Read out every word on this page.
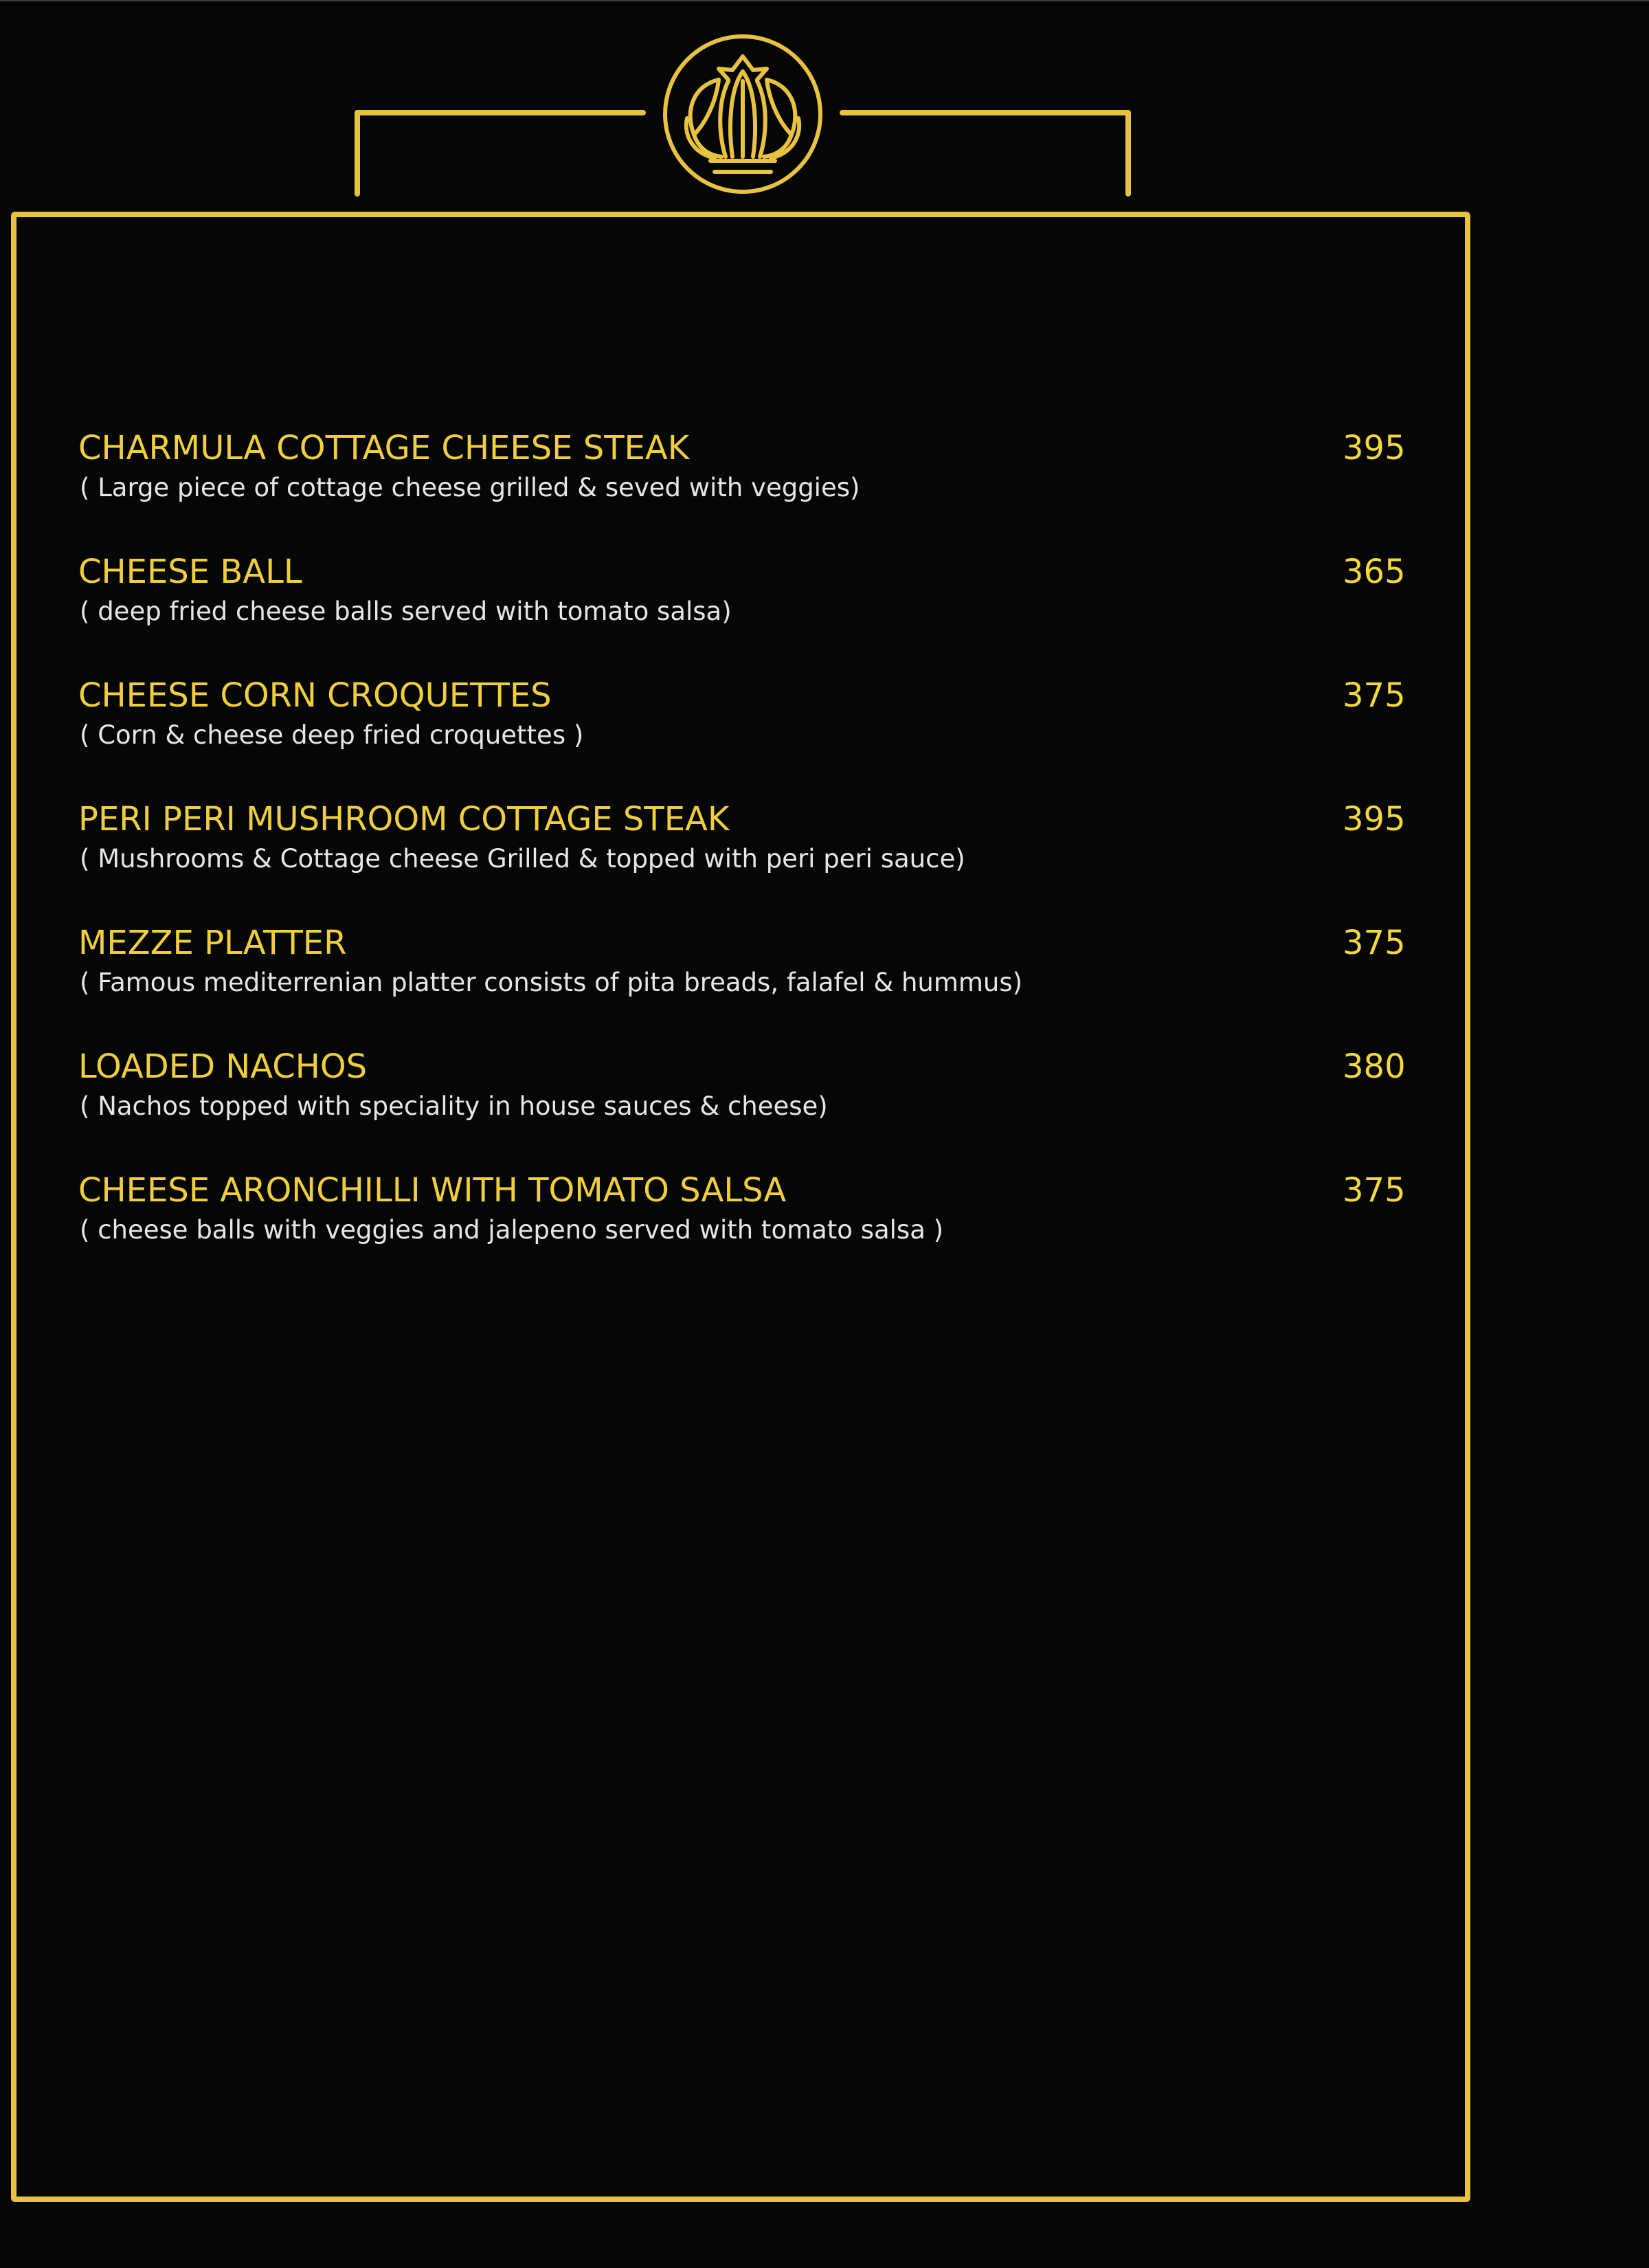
CHARMULA COTTAGE CHEESE STEAK	395
( Large piece of cottage cheese grilled & seved with veggies)
CHEESE BALL	365
( deep fried cheese balls served with tomato salsa)
CHEESE CORN CROQUETTES	375
( Corn & cheese deep fried croquettes )
PERI PERI MUSHROOM COTTAGE STEAK	395
( Mushrooms & Cottage cheese Grilled & topped with peri peri sauce)
MEZZE PLATTER	375
( Famous mediterrenian platter consists of pita breads, falafel & hummus)
LOADED NACHOS	380
( Nachos topped with speciality in house sauces & cheese)
CHEESE ARONCHILLI WITH TOMATO SALSA	375
( cheese balls with veggies and jalepeno served with tomato salsa )
